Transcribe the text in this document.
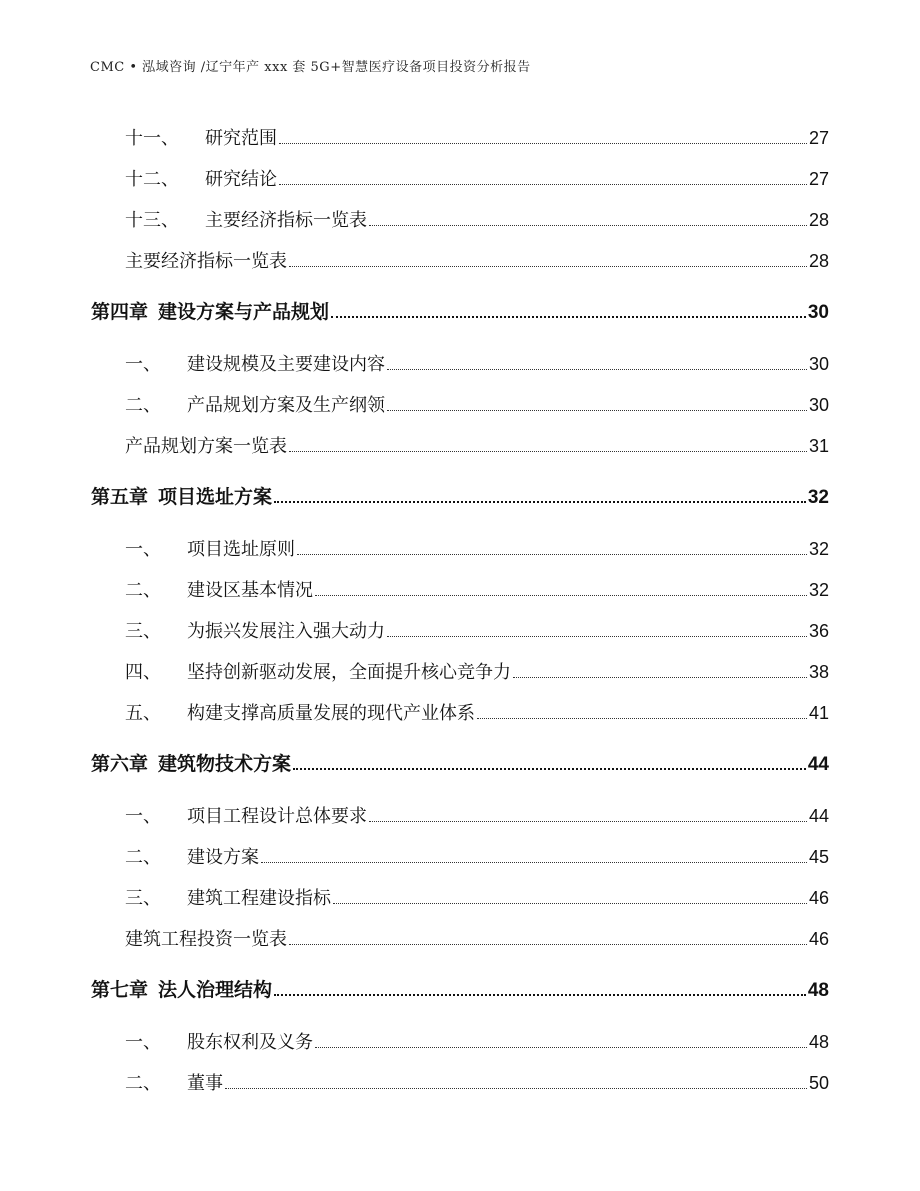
CMC • 泓域咨询 /辽宁年产 xxx 套 5G+智慧医疗设备项目投资分析报告
十一、 研究范围	27
十二、 研究结论	27
十三、 主要经济指标一览表	28
主要经济指标一览表	28
第四章 建设方案与产品规划	30
一、 建设规模及主要建设内容	30
二、 产品规划方案及生产纲领	30
产品规划方案一览表	31
第五章 项目选址方案	32
一、 项目选址原则	32
二、 建设区基本情况	32
三、 为振兴发展注入强大动力	36
四、 坚持创新驱动发展，全面提升核心竞争力	38
五、 构建支撑高质量发展的现代产业体系	41
第六章 建筑物技术方案	44
一、 项目工程设计总体要求	44
二、 建设方案	45
三、 建筑工程建设指标	46
建筑工程投资一览表	46
第七章 法人治理结构	48
一、 股东权利及义务	48
二、 董事	50
